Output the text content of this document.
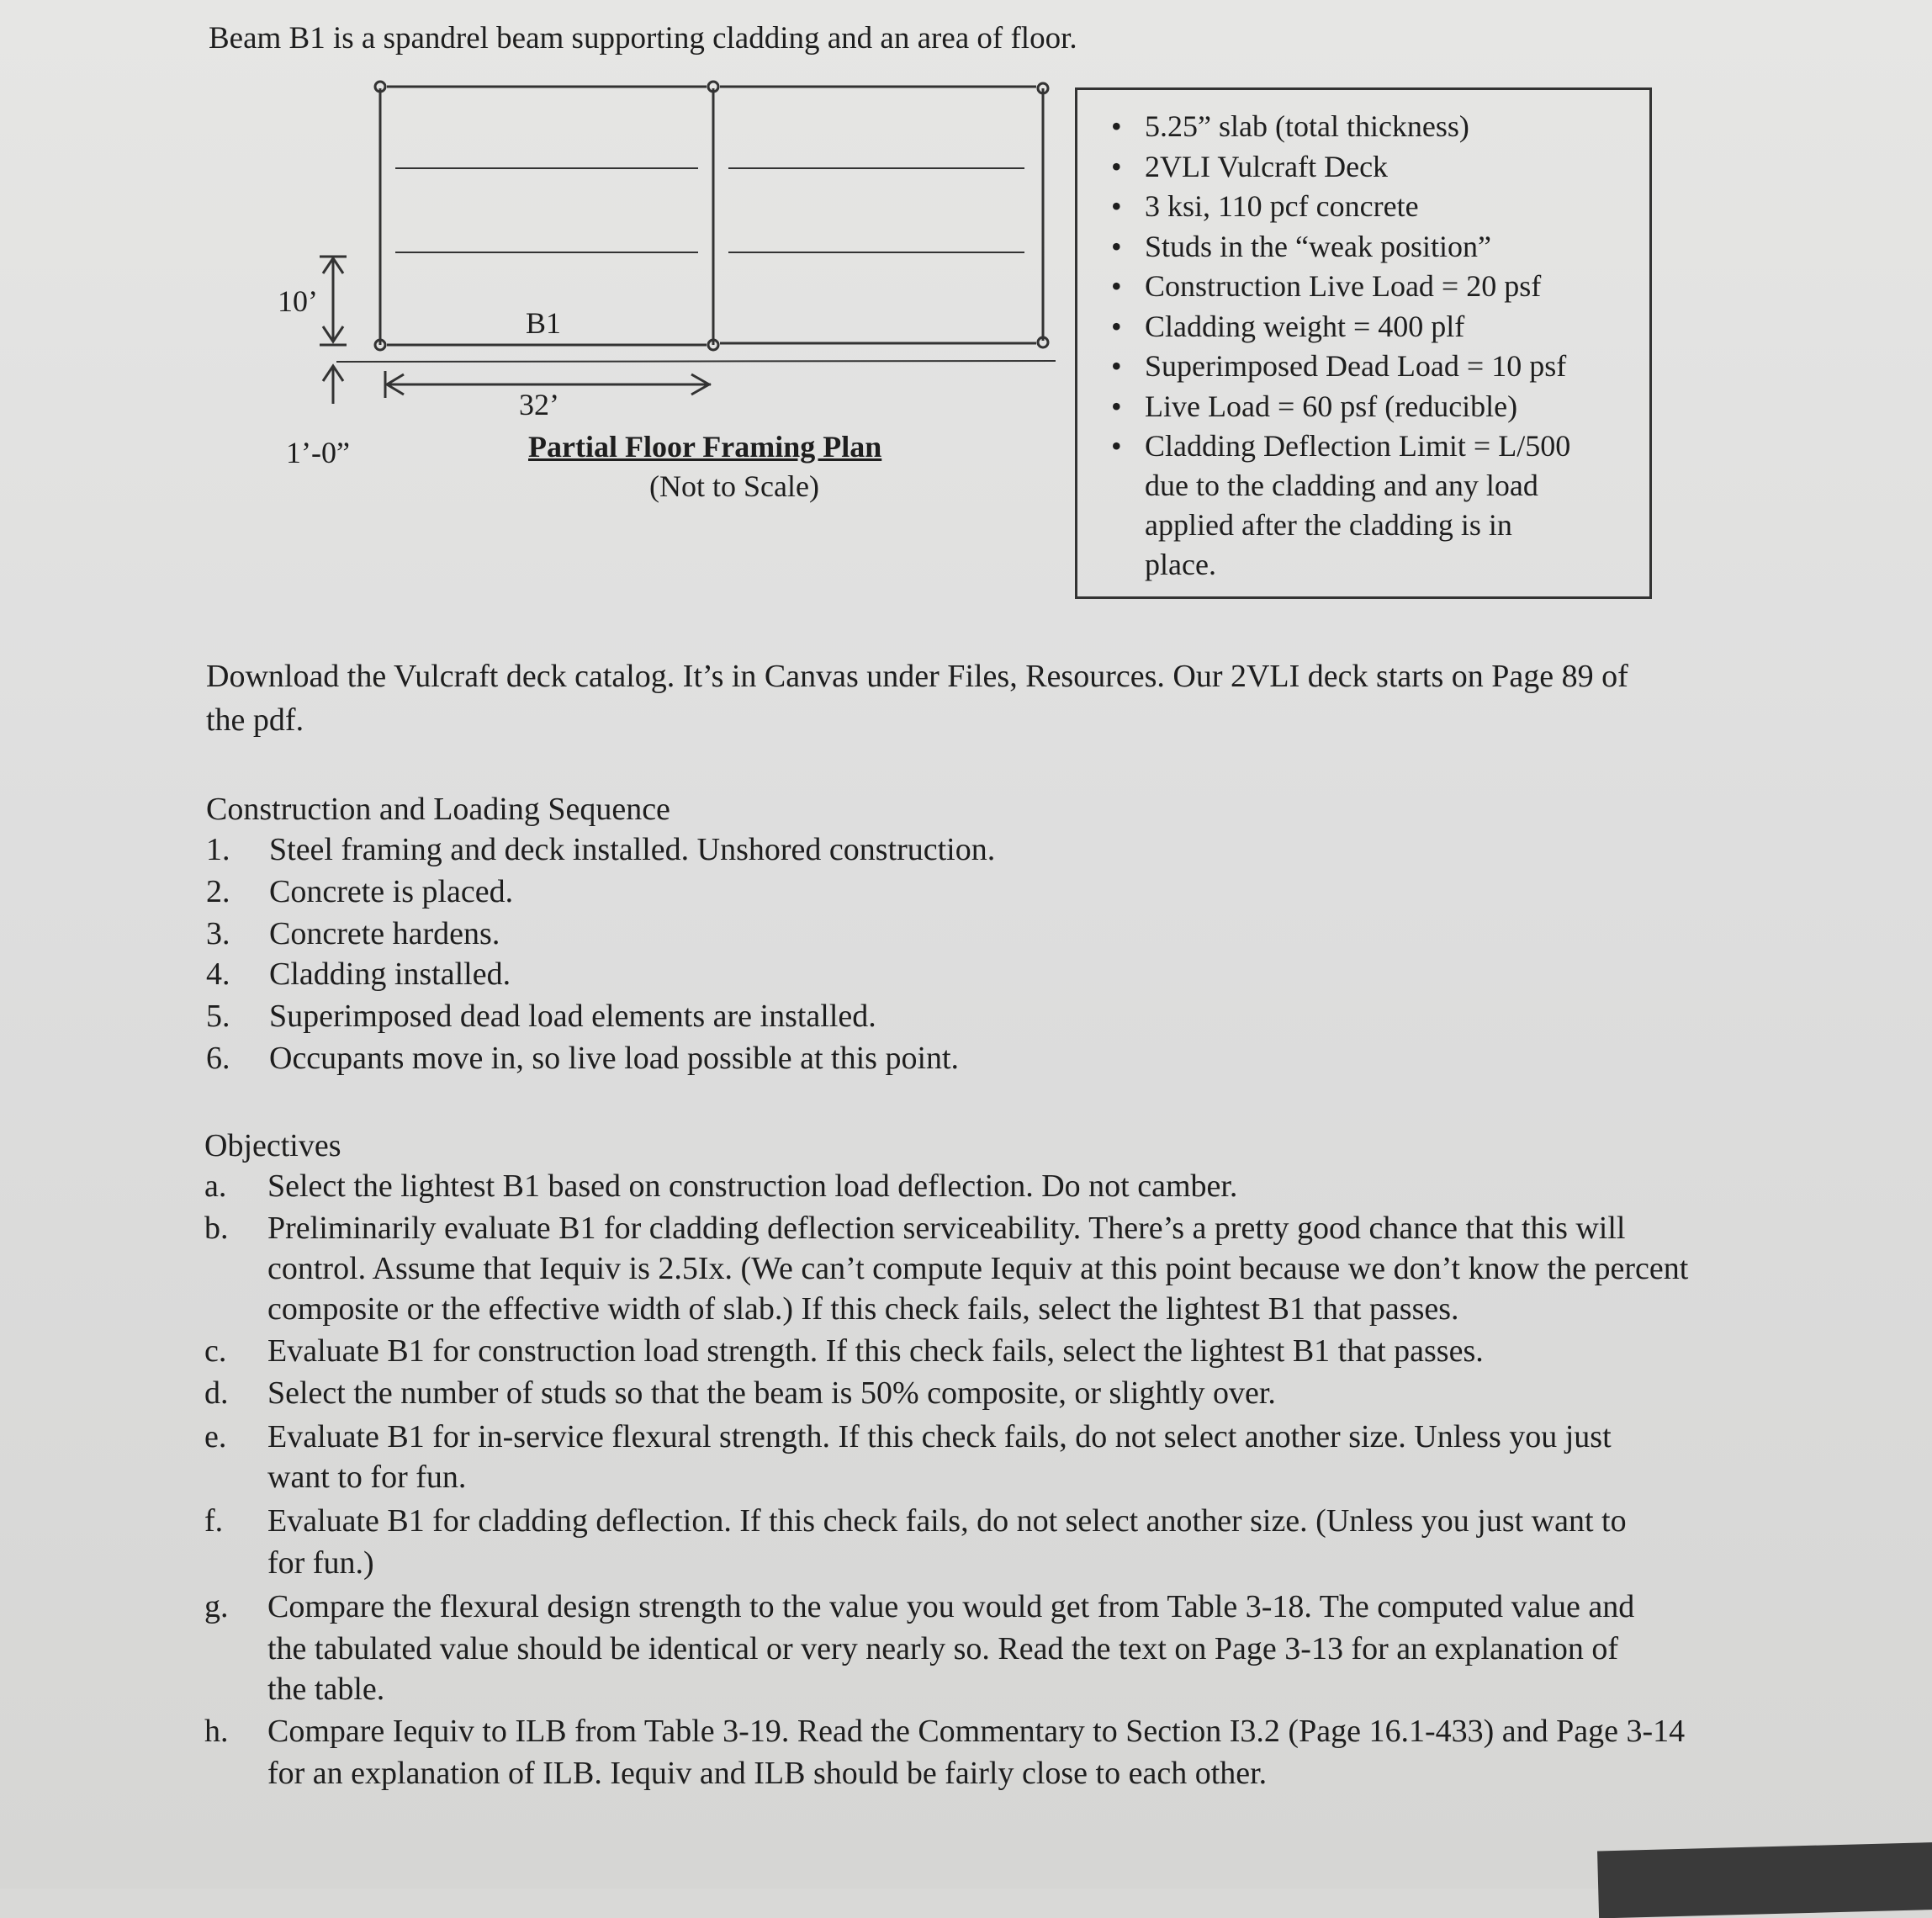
Beam B1 is a spandrel beam supporting cladding and an area of floor.
B1
32’
10’
1’-0”	Partial Floor Framing Plan
(Not to Scale)
• 5.25” slab (total thickness)
• 2VLI Vulcraft Deck
• 3 ksi, 110 pcf concrete
• Studs in the “weak position”
• Construction Live Load = 20 psf
• Cladding weight = 400 plf
• Superimposed Dead Load = 10 psf
• Live Load = 60 psf (reducible)
• Cladding Deflection Limit = L/500
due to the cladding and any load
applied after the cladding is in
place.
Download the Vulcraft deck catalog. It’s in Canvas under Files, Resources. Our 2VLI deck starts on Page 89 of
the pdf.
Construction and Loading Sequence
1.	Steel framing and deck installed. Unshored construction.
2.	Concrete is placed.
3.	Concrete hardens.
4.	Cladding installed.
5.	Superimposed dead load elements are installed.
6.	Occupants move in, so live load possible at this point.
Objectives
a.	Select the lightest B1 based on construction load deflection. Do not camber.
b.	Preliminarily evaluate B1 for cladding deflection serviceability. There’s a pretty good chance that this will
control. Assume that Iequiv is 2.5Ix. (We can’t compute Iequiv at this point because we don’t know the percent
composite or the effective width of slab.) If this check fails, select the lightest B1 that passes.
c.	Evaluate B1 for construction load strength. If this check fails, select the lightest B1 that passes.
d.	Select the number of studs so that the beam is 50% composite, or slightly over.
e.	Evaluate B1 for in-service flexural strength. If this check fails, do not select another size. Unless you just
want to for fun.
f.	Evaluate B1 for cladding deflection. If this check fails, do not select another size. (Unless you just want to
for fun.)
g.	Compare the flexural design strength to the value you would get from Table 3-18. The computed value and
the tabulated value should be identical or very nearly so. Read the text on Page 3-13 for an explanation of
the table.
h.	Compare Iequiv to ILB from Table 3-19. Read the Commentary to Section I3.2 (Page 16.1-433) and Page 3-14
for an explanation of ILB. Iequiv and ILB should be fairly close to each other.
